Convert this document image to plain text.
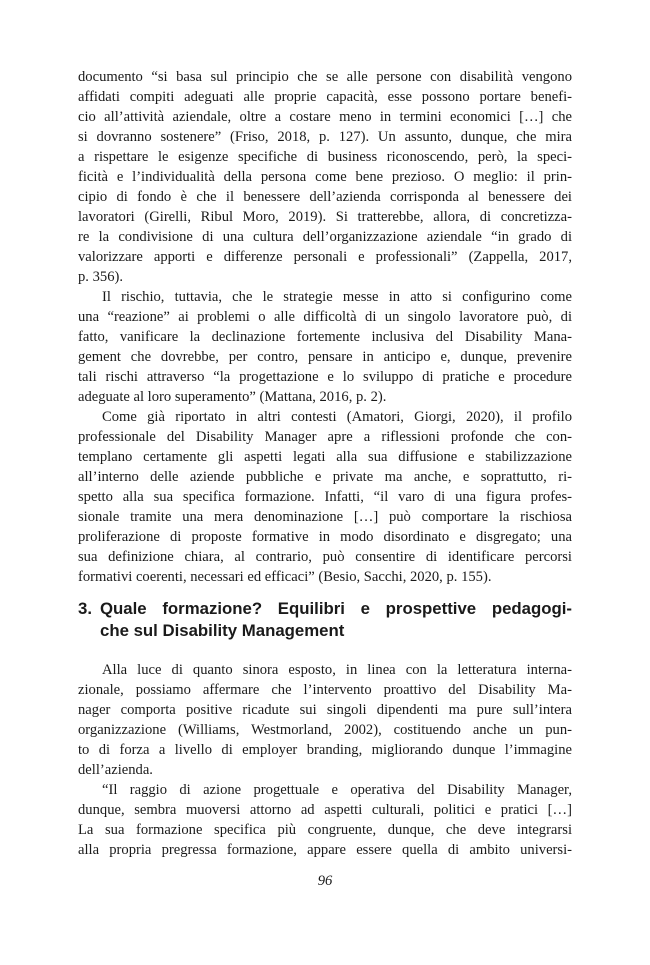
documento “si basa sul principio che se alle persone con disabilità vengono
affidati compiti adeguati alle proprie capacità, esse possono portare benefi-
cio all’attività aziendale, oltre a costare meno in termini economici […] che
si dovranno sostenere” (Friso, 2018, p. 127). Un assunto, dunque, che mira
a rispettare le esigenze specifiche di business riconoscendo, però, la speci-
ficità e l’individualità della persona come bene prezioso. O meglio: il prin-
cipio di fondo è che il benessere dell’azienda corrisponda al benessere dei
lavoratori (Girelli, Ribul Moro, 2019). Si tratterebbe, allora, di concretizza-
re la condivisione di una cultura dell’organizzazione aziendale “in grado di
valorizzare apporti e differenze personali e professionali” (Zappella, 2017,
p. 356).
Il rischio, tuttavia, che le strategie messe in atto si configurino come
una “reazione” ai problemi o alle difficoltà di un singolo lavoratore può, di
fatto, vanificare la declinazione fortemente inclusiva del Disability Mana-
gement che dovrebbe, per contro, pensare in anticipo e, dunque, prevenire
tali rischi attraverso “la progettazione e lo sviluppo di pratiche e procedure
adeguate al loro superamento” (Mattana, 2016, p. 2).
Come già riportato in altri contesti (Amatori, Giorgi, 2020), il profilo
professionale del Disability Manager apre a riflessioni profonde che con-
templano certamente gli aspetti legati alla sua diffusione e stabilizzazione
all’interno delle aziende pubbliche e private ma anche, e soprattutto, ri-
spetto alla sua specifica formazione. Infatti, “il varo di una figura profes-
sionale tramite una mera denominazione […] può comportare la rischiosa
proliferazione di proposte formative in modo disordinato e disgregato; una
sua definizione chiara, al contrario, può consentire di identificare percorsi
formativi coerenti, necessari ed efficaci” (Besio, Sacchi, 2020, p. 155).
3. Quale formazione? Equilibri e prospettive pedagogi-
che sul Disability Management
Alla luce di quanto sinora esposto, in linea con la letteratura interna-
zionale, possiamo affermare che l’intervento proattivo del Disability Ma-
nager comporta positive ricadute sui singoli dipendenti ma pure sull’intera
organizzazione (Williams, Westmorland, 2002), costituendo anche un pun-
to di forza a livello di employer branding, migliorando dunque l’immagine
dell’azienda.
“Il raggio di azione progettuale e operativa del Disability Manager,
dunque, sembra muoversi attorno ad aspetti culturali, politici e pratici […]
La sua formazione specifica più congruente, dunque, che deve integrarsi
alla propria pregressa formazione, appare essere quella di ambito universi-
96
